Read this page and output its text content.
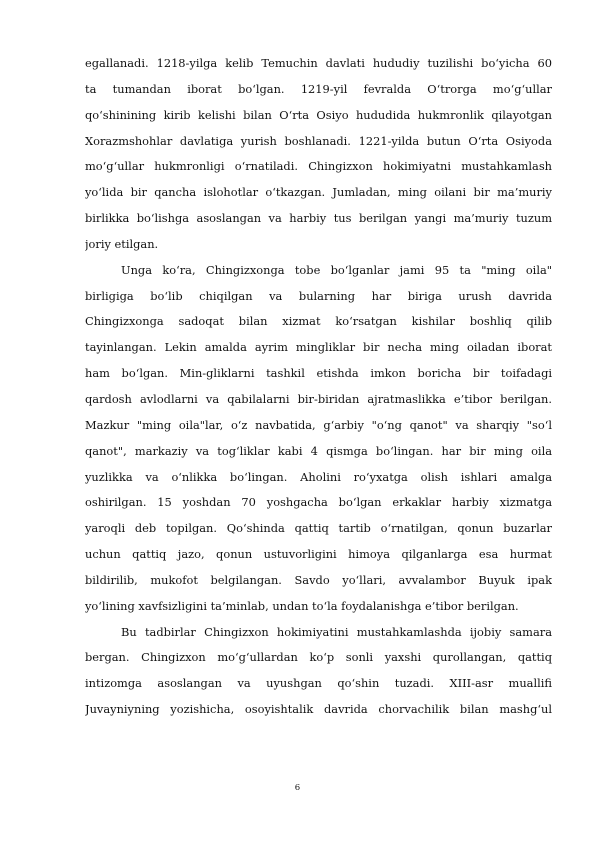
egallanadi. 1218-yilga kelib Temuchin davlati hududiy tuzilishi bo‘yicha 60
ta tumandan iborat bo‘lgan. 1219-yil fevralda O‘trorga mo‘g‘ullar
qo‘shinining kirib kelishi bilan O‘rta Osiyo hududida hukmronlik qilayotgan
Xorazmshohlar davlatiga yurish boshlanadi. 1221-yilda butun O‘rta Osiyoda
mo‘g‘ullar hukmronligi o‘rnatiladi. Chingizxon hokimiyatni mustahkamlash
yo‘lida bir qancha islohotlar o‘tkazgan. Jumladan, ming oilani bir ma’muriy
birlikka bo‘lishga asoslangan va harbiy tus berilgan yangi ma’muriy tuzum
joriy etilgan.
Unga ko‘ra, Chingizxonga tobe bo‘lganlar jami 95 ta "ming oila"
birligiga bo‘lib chiqilgan va bularning har biriga urush davrida
Chingizxonga sadoqat bilan xizmat ko‘rsatgan kishilar boshliq qilib
tayinlangan. Lekin amalda ayrim mingliklar bir necha ming oiladan iborat
ham bo‘lgan. Min-gliklarni tashkil etishda imkon boricha bir toifadagi
qardosh avlodlarni va qabilalarni bir-biridan ajratmaslikka e’tibor berilgan.
Mazkur "ming oila"lar, o‘z navbatida, g‘arbiy "o‘ng qanot" va sharqiy "so‘l
qanot", markaziy va tog‘liklar kabi 4 qismga bo‘lingan. har bir ming oila
yuzlikka va o‘nlikka bo‘lingan. Aholini ro‘yxatga olish ishlari amalga
oshirilgan. 15 yoshdan 70 yoshgacha bo‘lgan erkaklar harbiy xizmatga
yaroqli deb topilgan. Qo‘shinda qattiq tartib o‘rnatilgan, qonun buzarlar
uchun qattiq jazo, qonun ustuvorligini himoya qilganlarga esa hurmat
bildirilib, mukofot belgilangan. Savdo yo‘llari, avvalambor Buyuk ipak
yo‘lining xavfsizligini ta’minlab, undan to‘la foydalanishga e’tibor berilgan.
Bu tadbirlar Chingizxon hokimiyatini mustahkamlashda ijobiy samara
bergan. Chingizxon mo‘g‘ullardan ko‘p sonli yaxshi qurollangan, qattiq
intizomga asoslangan va uyushgan qo‘shin tuzadi. XIII-asr muallifi
Juvayniyning yozishicha, osoyishtalik davrida chorvachilik bilan mashg‘ul
6
